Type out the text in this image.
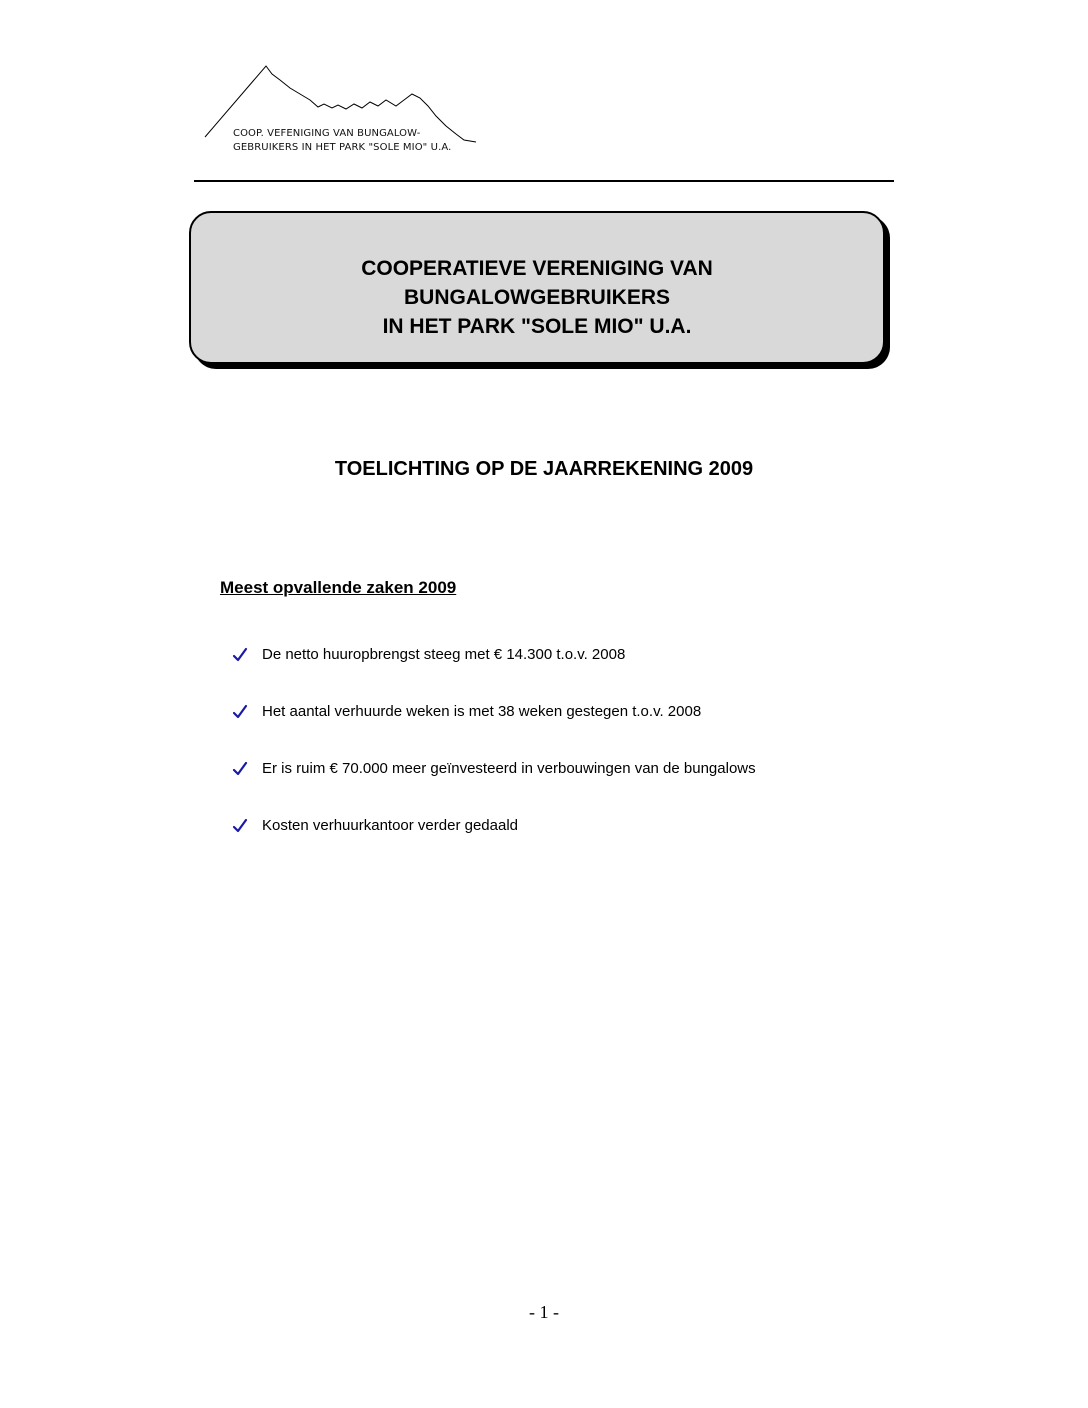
COOP. VEFENIGING VAN BUNGALOW-
GEBRUIKERS IN HET PARK "SOLE MIO" U.A.
COOPERATIEVE VERENIGING VAN
BUNGALOWGEBRUIKERS
IN HET PARK "SOLE MIO" U.A.
TOELICHTING OP DE JAARREKENING 2009
Meest opvallende zaken 2009
De netto huuropbrengst steeg met € 14.300 t.o.v. 2008
Het aantal verhuurde weken is met 38 weken gestegen t.o.v. 2008
Er is ruim € 70.000 meer geïnvesteerd in verbouwingen van de bungalows
Kosten verhuurkantoor verder gedaald
- 1 -
